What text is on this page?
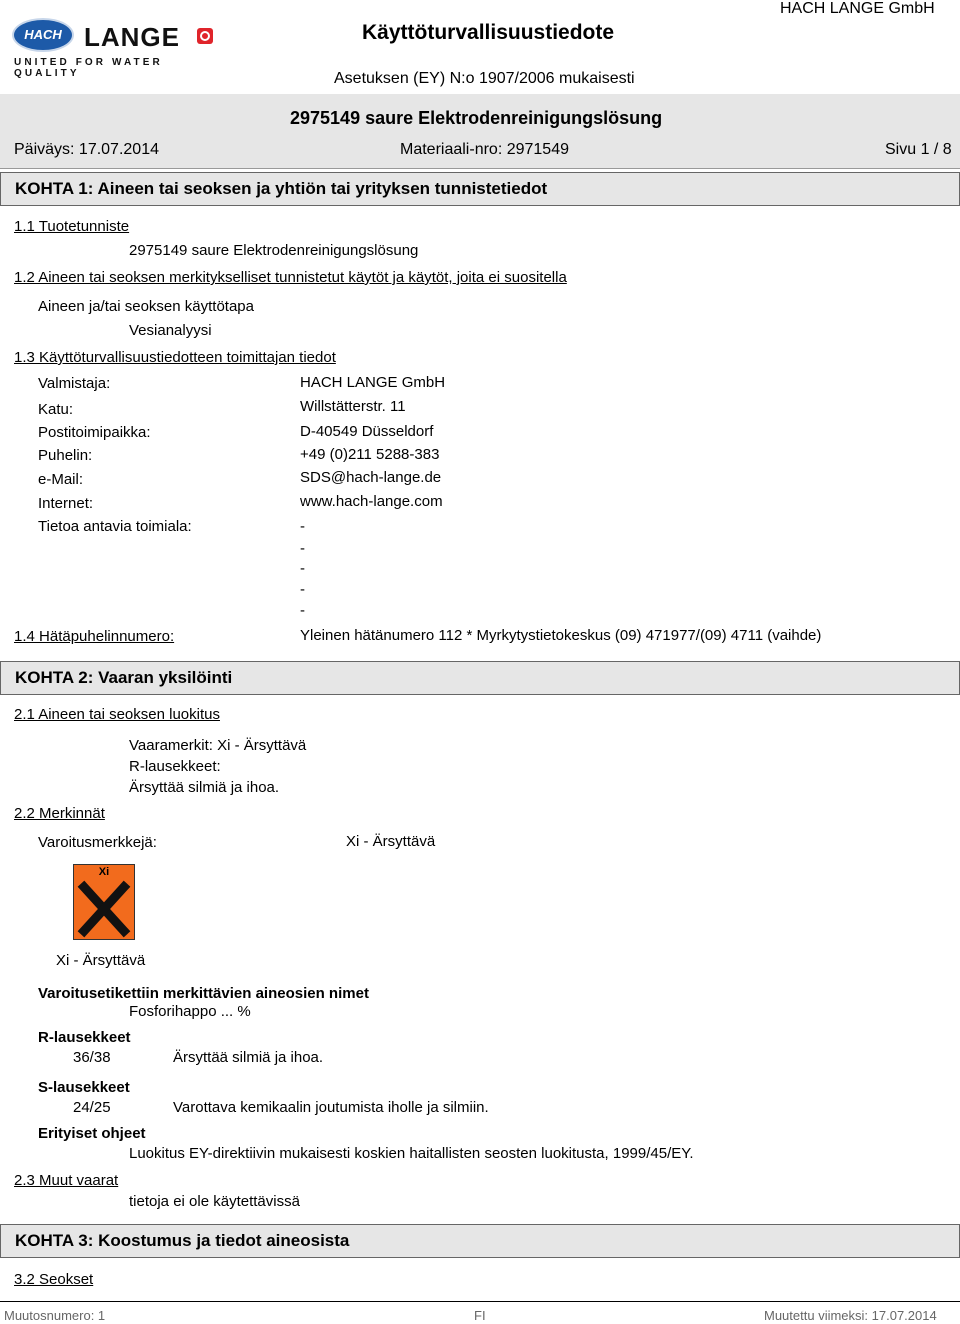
HACH LANGE
UNITED FOR WATER QUALITY
Käyttöturvallisuustiedote
HACH LANGE GmbH
Asetuksen (EY) N:o 1907/2006 mukaisesti
2975149 saure Elektrodenreinigungslösung
Päiväys: 17.07.2014	Materiaali-nro: 2971549	Sivu 1 / 8
KOHTA 1: Aineen tai seoksen ja yhtiön tai yrityksen tunnistetiedot
1.1 Tuotetunniste
2975149 saure Elektrodenreinigungslösung
1.2 Aineen tai seoksen merkitykselliset tunnistetut käytöt ja käytöt, joita ei suositella
Aineen ja/tai seoksen käyttötapa
Vesianalyysi
1.3 Käyttöturvallisuustiedotteen toimittajan tiedot
Valmistaja:	HACH LANGE GmbH
Katu:	Willstätterstr. 11
Postitoimipaikka:	D-40549 Düsseldorf
Puhelin:	+49 (0)211 5288-383
e-Mail:	SDS@hach-lange.de
Internet:	www.hach-lange.com
Tietoa antavia toimiala:	-
-
-
-
-
1.4 Hätäpuhelinnumero:	Yleinen hätänumero 112 * Myrkytystietokeskus (09) 471977/(09) 4711 (vaihde)
KOHTA 2: Vaaran yksilöinti
2.1 Aineen tai seoksen luokitus
Vaaramerkit: Xi - Ärsyttävä
R-lausekkeet:
Ärsyttää silmiä ja ihoa.
2.2 Merkinnät
Varoitusmerkkejä:	Xi - Ärsyttävä
Xi
Xi - Ärsyttävä
Varoitusetikettiin merkittävien aineosien nimet
Fosforihappo ... %
R-lausekkeet
36/38	Ärsyttää silmiä ja ihoa.
S-lausekkeet
24/25	Varottava kemikaalin joutumista iholle ja silmiin.
Erityiset ohjeet
Luokitus EY-direktiivin mukaisesti koskien haitallisten seosten luokitusta, 1999/45/EY.
2.3 Muut vaarat
tietoja ei ole käytettävissä
KOHTA 3: Koostumus ja tiedot aineosista
3.2 Seokset
Muutosnumero: 1	FI	Muutettu viimeksi: 17.07.2014
